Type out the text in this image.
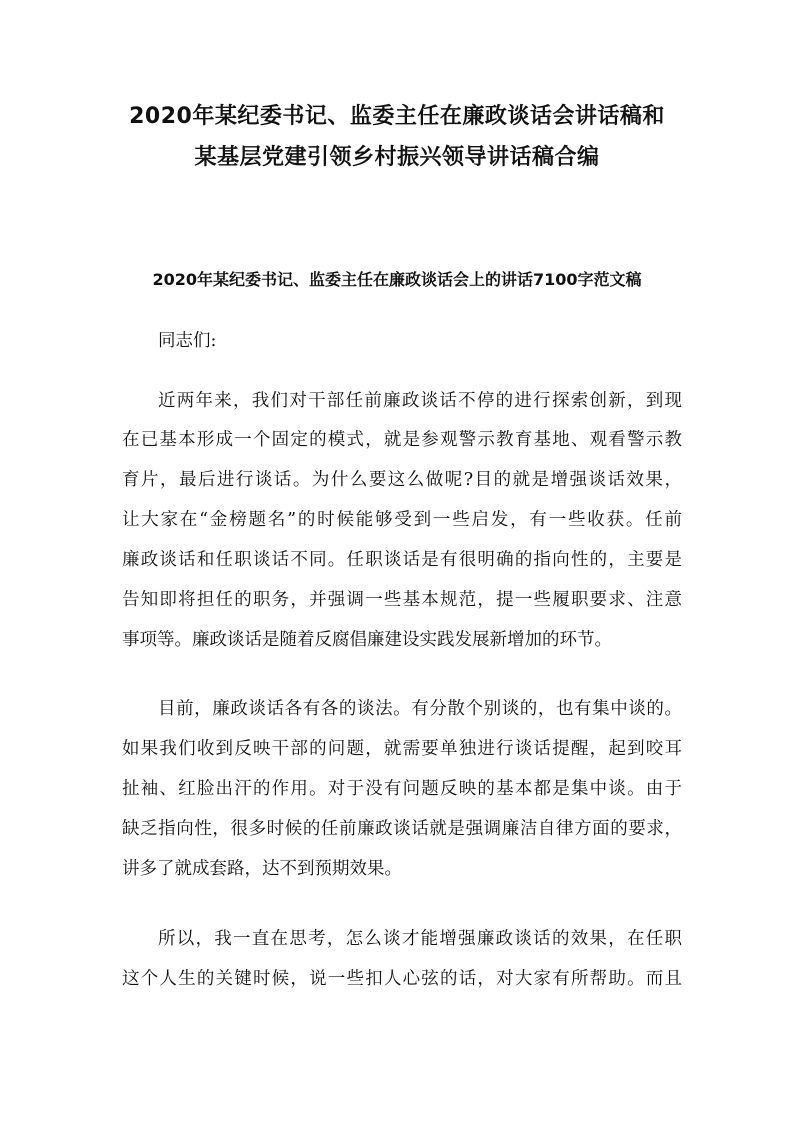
2020年某纪委书记、监委主任在廉政谈话会讲话稿和
某基层党建引领乡村振兴领导讲话稿合编
2020年某纪委书记、监委主任在廉政谈话会上的讲话7100字范文稿
同志们:
近两年来，我们对干部任前廉政谈话不停的进行探索创新，到现
在已基本形成一个固定的模式，就是参观警示教育基地、观看警示教
育片，最后进行谈话。为什么要这么做呢?目的就是增强谈话效果，
让大家在“金榜题名”的时候能够受到一些启发，有一些收获。任前
廉政谈话和任职谈话不同。任职谈话是有很明确的指向性的，主要是
告知即将担任的职务，并强调一些基本规范，提一些履职要求、注意
事项等。廉政谈话是随着反腐倡廉建设实践发展新增加的环节。
目前，廉政谈话各有各的谈法。有分散个别谈的，也有集中谈的。
如果我们收到反映干部的问题，就需要单独进行谈话提醒，起到咬耳
扯袖、红脸出汗的作用。对于没有问题反映的基本都是集中谈。由于
缺乏指向性，很多时候的任前廉政谈话就是强调廉洁自律方面的要求，
讲多了就成套路，达不到预期效果。
所以，我一直在思考，怎么谈才能增强廉政谈话的效果，在任职
这个人生的关键时候，说一些扣人心弦的话，对大家有所帮助。而且
